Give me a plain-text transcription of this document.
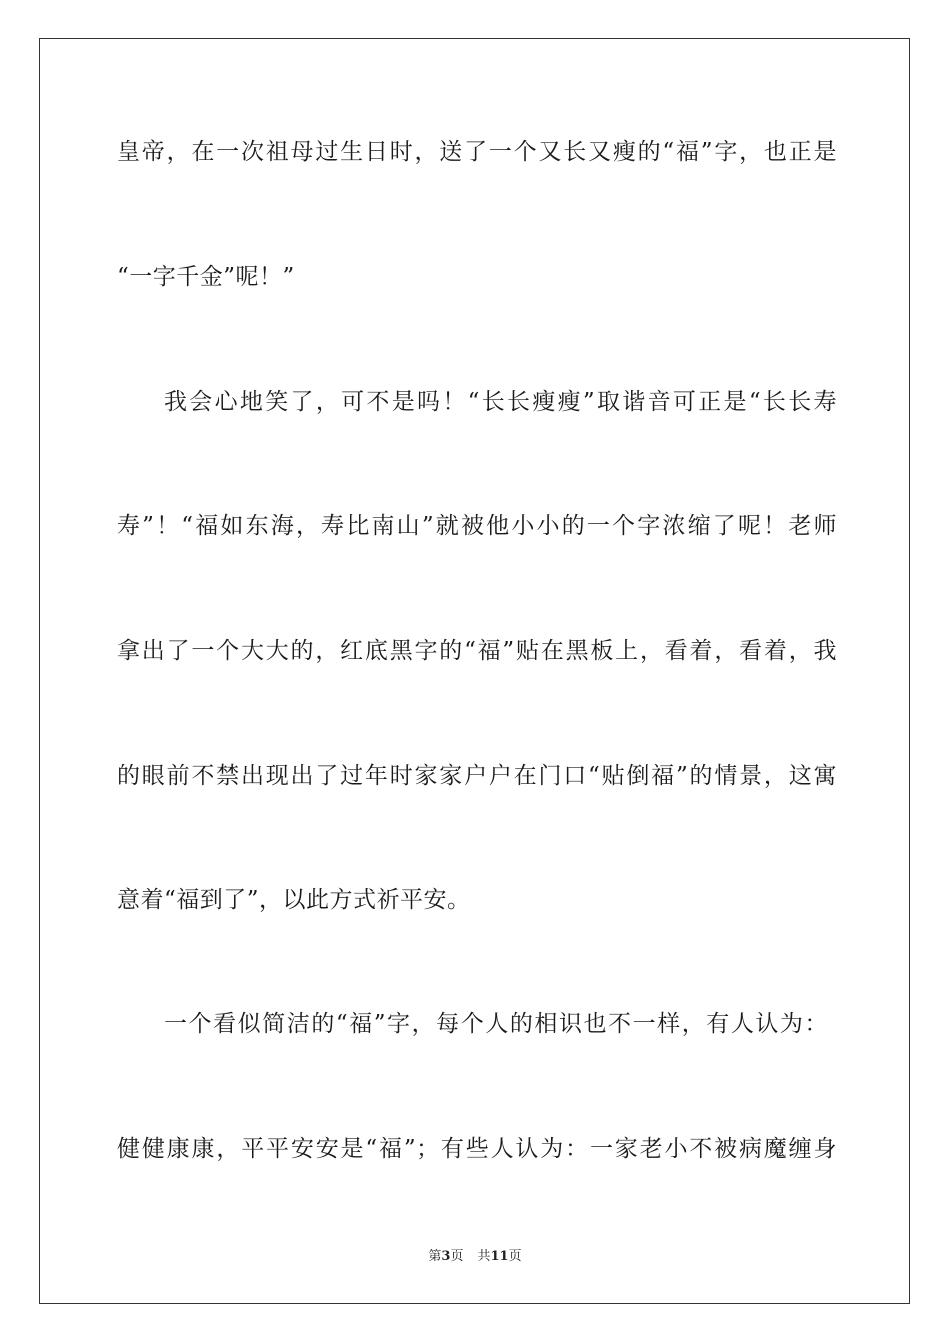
皇帝，在一次祖母过生日时，送了一个又长又瘦的“福”字，也正是
“一字千金”呢！”
我会心地笑了，可不是吗！“长长瘦瘦”取谐音可正是“长长寿
寿”！“福如东海，寿比南山”就被他小小的一个字浓缩了呢！老师
拿出了一个大大的，红底黑字的“福”贴在黑板上，看着，看着，我
的眼前不禁出现出了过年时家家户户在门口“贴倒福”的情景，这寓
意着“福到了”，以此方式祈平安。
一个看似简洁的“福”字，每个人的相识也不一样，有人认为：
健健康康，平平安安是“福”；有些人认为：一家老小不被病魔缠身
第3页 共11页
